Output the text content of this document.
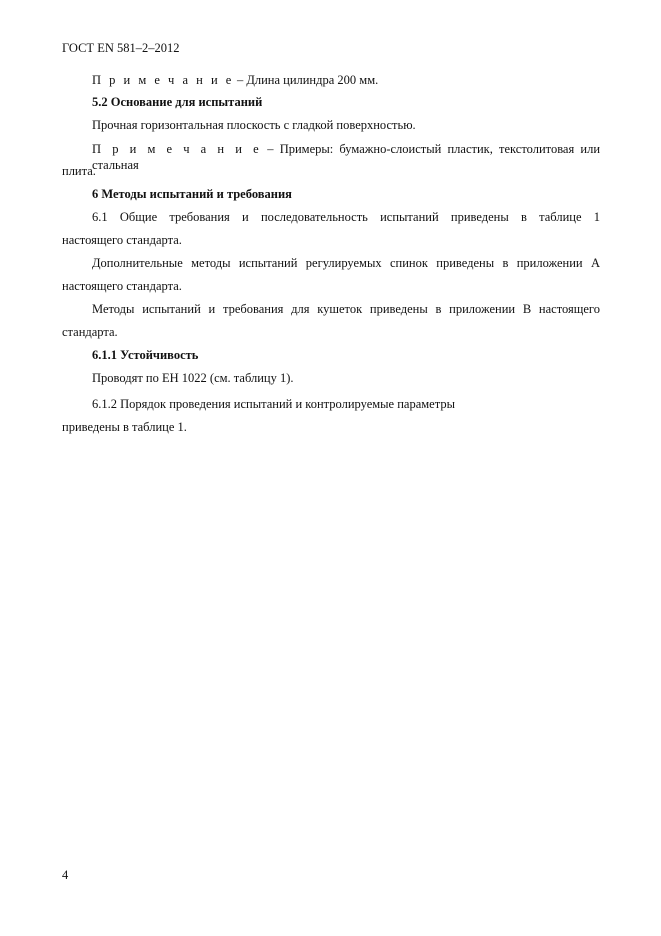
ГОСТ EN 581–2–2012
П р и м е ч а н и е – Длина цилиндра 200 мм.
5.2 Основание для испытаний
Прочная горизонтальная плоскость с гладкой поверхностью.
П р и м е ч а н и е – Примеры: бумажно-слоистый пластик, текстолитовая или стальная
плита.
6 Методы испытаний и требования
6.1 Общие требования и последовательность испытаний приведены в таблице 1
настоящего стандарта.
Дополнительные методы испытаний регулируемых спинок приведены в приложении А
настоящего стандарта.
Методы испытаний и требования для кушеток приведены в приложении В настоящего
стандарта.
6.1.1 Устойчивость
Проводят по ЕН 1022 (см. таблицу 1).
6.1.2 Порядок проведения испытаний и контролируемые параметры
приведены в таблице 1.
4
